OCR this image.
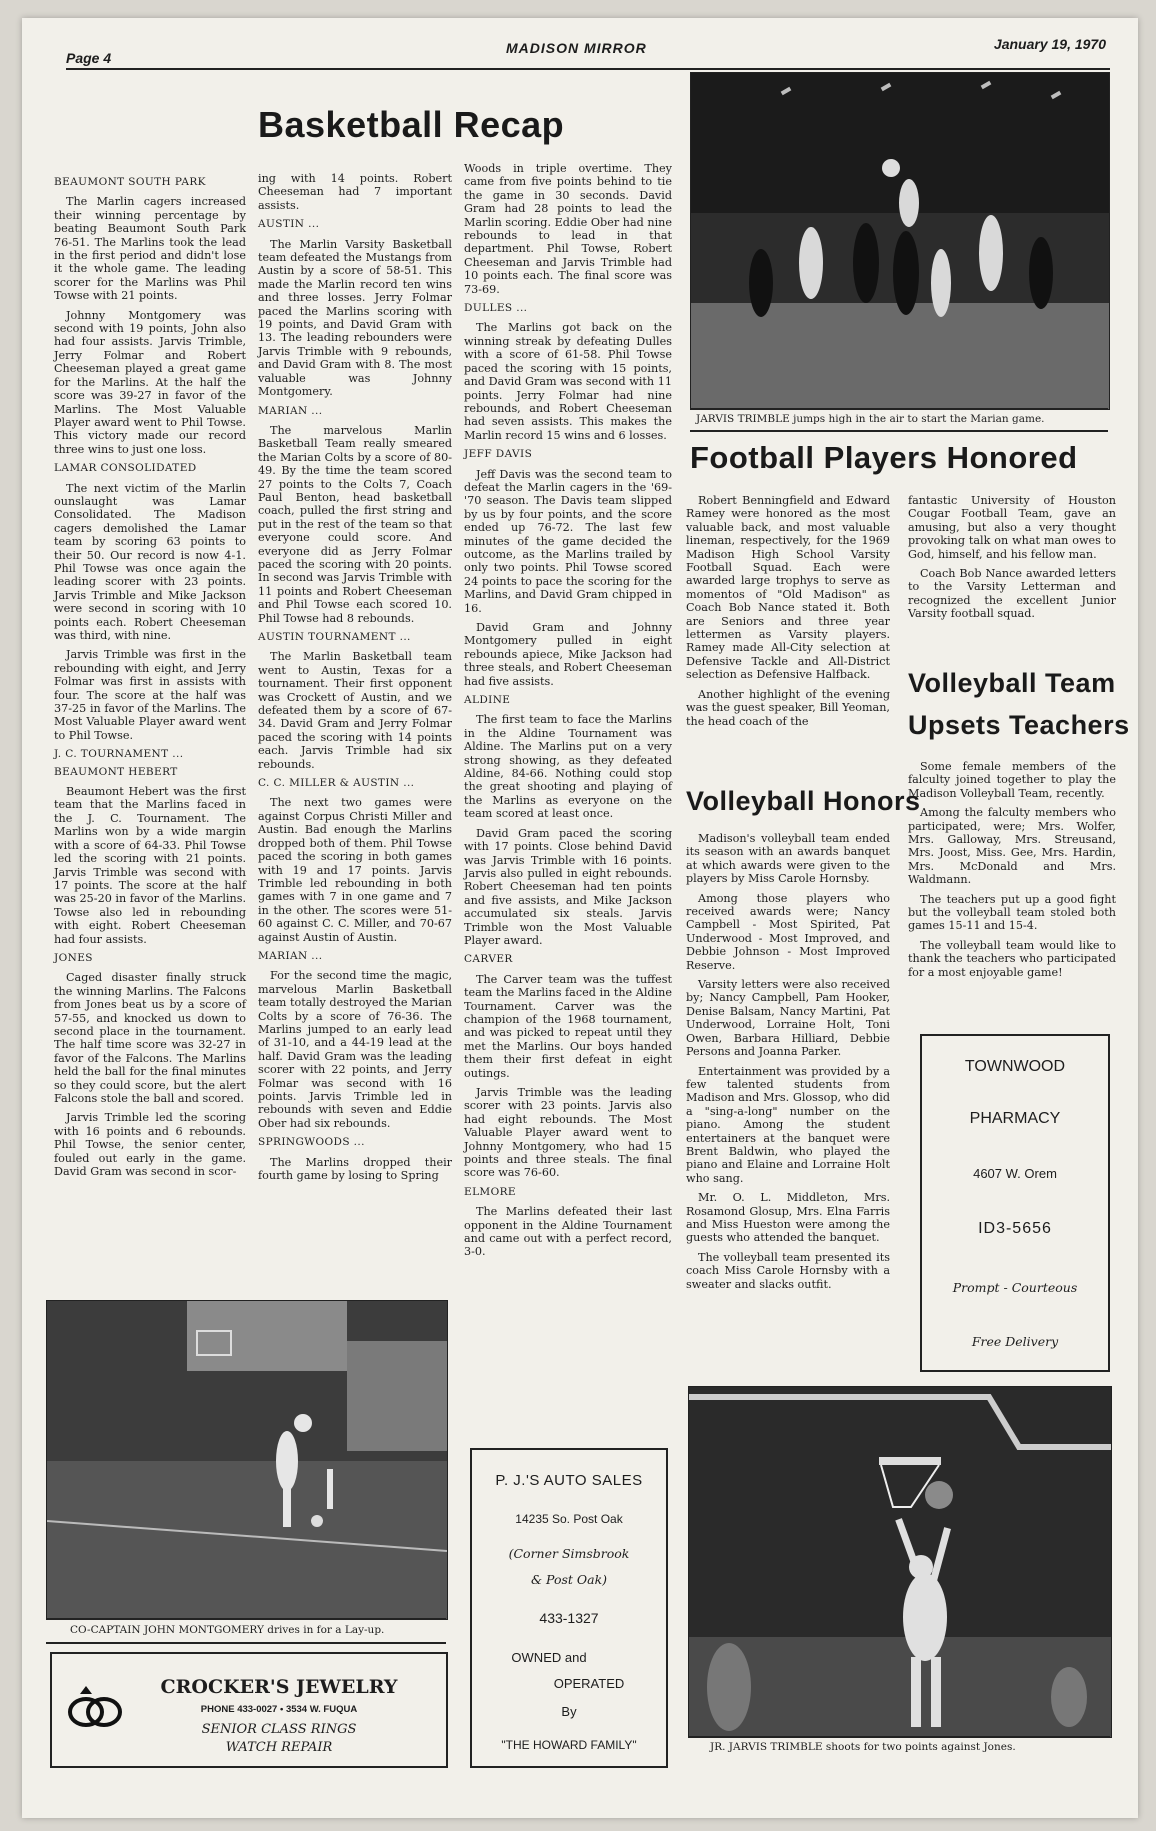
Page 4
MADISON MIRROR	January 19, 1970
Basketball Recap
BEAUMONT SOUTH PARK

The Marlin cagers increased their winning percentage by beating Beaumont South Park 76-51. The Marlins took the lead in the first period and didn't lose it the whole game. The leading scorer for the Marlins was Phil Towse with 21 points.

Johnny Montgomery was second with 19 points, John also had four assists. Jarvis Trimble, Jerry Folmar and Robert Cheeseman played a great game for the Marlins. At the half the score was 39-27 in favor of the Marlins. The Most Valuable Player award went to Phil Towse. This victory made our record three wins to just one loss.

LAMAR CONSOLIDATED

The next victim of the Marlin ounslaught was Lamar Consolidated. The Madison cagers demolished the Lamar team by scoring 63 points to their 50. Our record is now 4-1. Phil Towse was once again the leading scorer with 23 points. Jarvis Trimble and Mike Jackson were second in scoring with 10 points each. Robert Cheeseman was third, with nine.

Jarvis Trimble was first in the rebounding with eight, and Jerry Folmar was first in assists with four. The score at the half was 37-25 in favor of the Marlins. The Most Valuable Player award went to Phil Towse.

J. C. TOURNAMENT ...
BEAUMONT HEBERT

Beaumont Hebert was the first team that the Marlins faced in the J. C. Tournament. The Marlins won by a wide margin with a score of 64-33. Phil Towse led the scoring with 21 points. Jarvis Trimble was second with 17 points. The score at the half was 25-20 in favor of the Marlins. Towse also led in rebounding with eight. Robert Cheeseman had four assists.

JONES

Caged disaster finally struck the winning Marlins. The Falcons from Jones beat us by a score of 57-55, and knocked us down to second place in the tournament. The half time score was 32-27 in favor of the Falcons. The Marlins held the ball for the final minutes so they could score, but the alert Falcons stole the ball and scored.

Jarvis Trimble led the scoring with 16 points and 6 rebounds. Phil Towse, the senior center, fouled out early in the game. David Gram was second in scor-

ing with 14 points. Robert Cheeseman had 7 important assists.

AUSTIN ...

The Marlin Varsity Basketball team defeated the Mustangs from Austin by a score of 58-51. This made the Marlin record ten wins and three losses. Jerry Folmar paced the Marlins scoring with 19 points, and David Gram with 13. The leading rebounders were Jarvis Trimble with 9 rebounds, and David Gram with 8. The most valuable was Johnny Montgomery.

MARIAN ...

The marvelous Marlin Basketball Team really smeared the Marian Colts by a score of 80-49. By the time the team scored 27 points to the Colts 7, Coach Paul Benton, head basketball coach, pulled the first string and put in the rest of the team so that everyone could score. And everyone did as Jerry Folmar paced the scoring with 20 points. In second was Jarvis Trimble with 11 points and Robert Cheeseman and Phil Towse each scored 10. Phil Towse had 8 rebounds.

AUSTIN TOURNAMENT ...

The Marlin Basketball team went to Austin, Texas for a tournament. Their first opponent was Crockett of Austin, and we defeated them by a score of 67-34. David Gram and Jerry Folmar paced the scoring with 14 points each. Jarvis Trimble had six rebounds.

C. C. MILLER & AUSTIN ...

The next two games were against Corpus Christi Miller and Austin. Bad enough the Marlins dropped both of them. Phil Towse paced the scoring in both games with 19 and 17 points. Jarvis Trimble led rebounding in both games with 7 in one game and 7 in the other. The scores were 51-60 against C. C. Miller, and 70-67 against Austin of Austin.

MARIAN ...

For the second time the magic, marvelous Marlin Basketball team totally destroyed the Marian Colts by a score of 76-36. The Marlins jumped to an early lead of 31-10, and a 44-19 lead at the half. David Gram was the leading scorer with 22 points, and Jerry Folmar was second with 16 points. Jarvis Trimble led in rebounds with seven and Eddie Ober had six rebounds.

SPRINGWOODS ...

The Marlins dropped their fourth game by losing to Spring

Woods in triple overtime. They came from five points behind to tie the game in 30 seconds. David Gram had 28 points to lead the Marlin scoring. Eddie Ober had nine rebounds to lead in that department. Phil Towse, Robert Cheeseman and Jarvis Trimble had 10 points each. The final score was 73-69.

DULLES ...

The Marlins got back on the winning streak by defeating Dulles with a score of 61-58. Phil Towse paced the scoring with 15 points, and David Gram was second with 11 points. Jerry Folmar had nine rebounds, and Robert Cheeseman had seven assists. This makes the Marlin record 15 wins and 6 losses.

JEFF DAVIS

Jeff Davis was the second team to defeat the Marlin cagers in the '69-'70 season. The Davis team slipped by us by four points, and the score ended up 76-72. The last few minutes of the game decided the outcome, as the Marlins trailed by only two points. Phil Towse scored 24 points to pace the scoring for the Marlins, and David Gram chipped in 16.

David Gram and Johnny Montgomery pulled in eight rebounds apiece, Mike Jackson had three steals, and Robert Cheeseman had five assists.

ALDINE

The first team to face the Marlins in the Aldine Tournament was Aldine. The Marlins put on a very strong showing, as they defeated Aldine, 84-66. Nothing could stop the great shooting and playing of the Marlins as everyone on the team scored at least once.

David Gram paced the scoring with 17 points. Close behind David was Jarvis Trimble with 16 points. Jarvis also pulled in eight rebounds. Robert Cheeseman had ten points and five assists, and Mike Jackson accumulated six steals. Jarvis Trimble won the Most Valuable Player award.

CARVER

The Carver team was the tuffest team the Marlins faced in the Aldine Tournament. Carver was the champion of the 1968 tournament, and was picked to repeat until they met the Marlins. Our boys handed them their first defeat in eight outings.

Jarvis Trimble was the leading scorer with 23 points. Jarvis also had eight rebounds. The Most Valuable Player award went to Johnny Montgomery, who had 15 points and three steals. The final score was 76-60.

ELMORE

The Marlins defeated their last opponent in the Aldine Tournament and came out with a perfect record, 3-0.

JARVIS TRIMBLE jumps high in the air to start the Marian game.
Football Players Honored

Robert Benningfield and Edward Ramey were honored as the most valuable back, and most valuable lineman, respectively, for the 1969 Madison High School Varsity Football Squad. Each were awarded large trophys to serve as momentos of "Old Madison" as Coach Bob Nance stated it. Both are Seniors and three year lettermen as Varsity players. Ramey made All-City selection at Defensive Tackle and All-District selection as Defensive Halfback.

Another highlight of the evening was the guest speaker, Bill Yeoman, the head coach of the

Volleyball Honors

Madison's volleyball team ended its season with an awards banquet at which awards were given to the players by Miss Carole Hornsby.

Among those players who received awards were; Nancy Campbell - Most Spirited, Pat Underwood - Most Improved, and Debbie Johnson - Most Improved Reserve.

Varsity letters were also received by; Nancy Campbell, Pam Hooker, Denise Balsam, Nancy Martini, Pat Underwood, Lorraine Holt, Toni Owen, Barbara Hilliard, Debbie Persons and Joanna Parker.

Entertainment was provided by a few talented students from Madison and Mrs. Glossop, who did a "sing-a-long" number on the piano. Among the student entertainers at the banquet were Brent Baldwin, who played the piano and Elaine and Lorraine Holt who sang.

Mr. O. L. Middleton, Mrs. Rosamond Glosup, Mrs. Elna Farris and Miss Hueston were among the guests who attended the banquet.

The volleyball team presented its coach Miss Carole Hornsby with a sweater and slacks outfit.

fantastic University of Houston Cougar Football Team, gave an amusing, but also a very thought provoking talk on what man owes to God, himself, and his fellow man.

Coach Bob Nance awarded letters to the Varsity Letterman and recognized the excellent Junior Varsity football squad.

Volleyball Team
Upsets Teachers

Some female members of the falculty joined together to play the Madison Volleyball Team, recently.

Among the falculty members who participated, were; Mrs. Wolfer, Mrs. Galloway, Mrs. Streusand, Mrs. Joost, Miss. Gee, Mrs. Hardin, Mrs. McDonald and Mrs. Waldmann.

The teachers put up a good fight but the volleyball team stoled both games 15-11 and 15-4.

The volleyball team would like to thank the teachers who participated for a most enjoyable game!

TOWNWOOD
PHARMACY
4607 W. Orem
ID3-5656
Prompt - Courteous
Free Delivery
CO-CAPTAIN JOHN MONTGOMERY drives in for a Lay-up.
CROCKER'S JEWELRY
PHONE 433-0027 • 3534 W. FUQUA
SENIOR CLASS RINGS
WATCH REPAIR
P. J.'S AUTO SALES
14235 So. Post Oak
(Corner Simsbrook
& Post Oak)
433-1327
OWNED and
OPERATED
By
"THE HOWARD FAMILY"	JR. JARVIS TRIMBLE shoots for two points against Jones.
